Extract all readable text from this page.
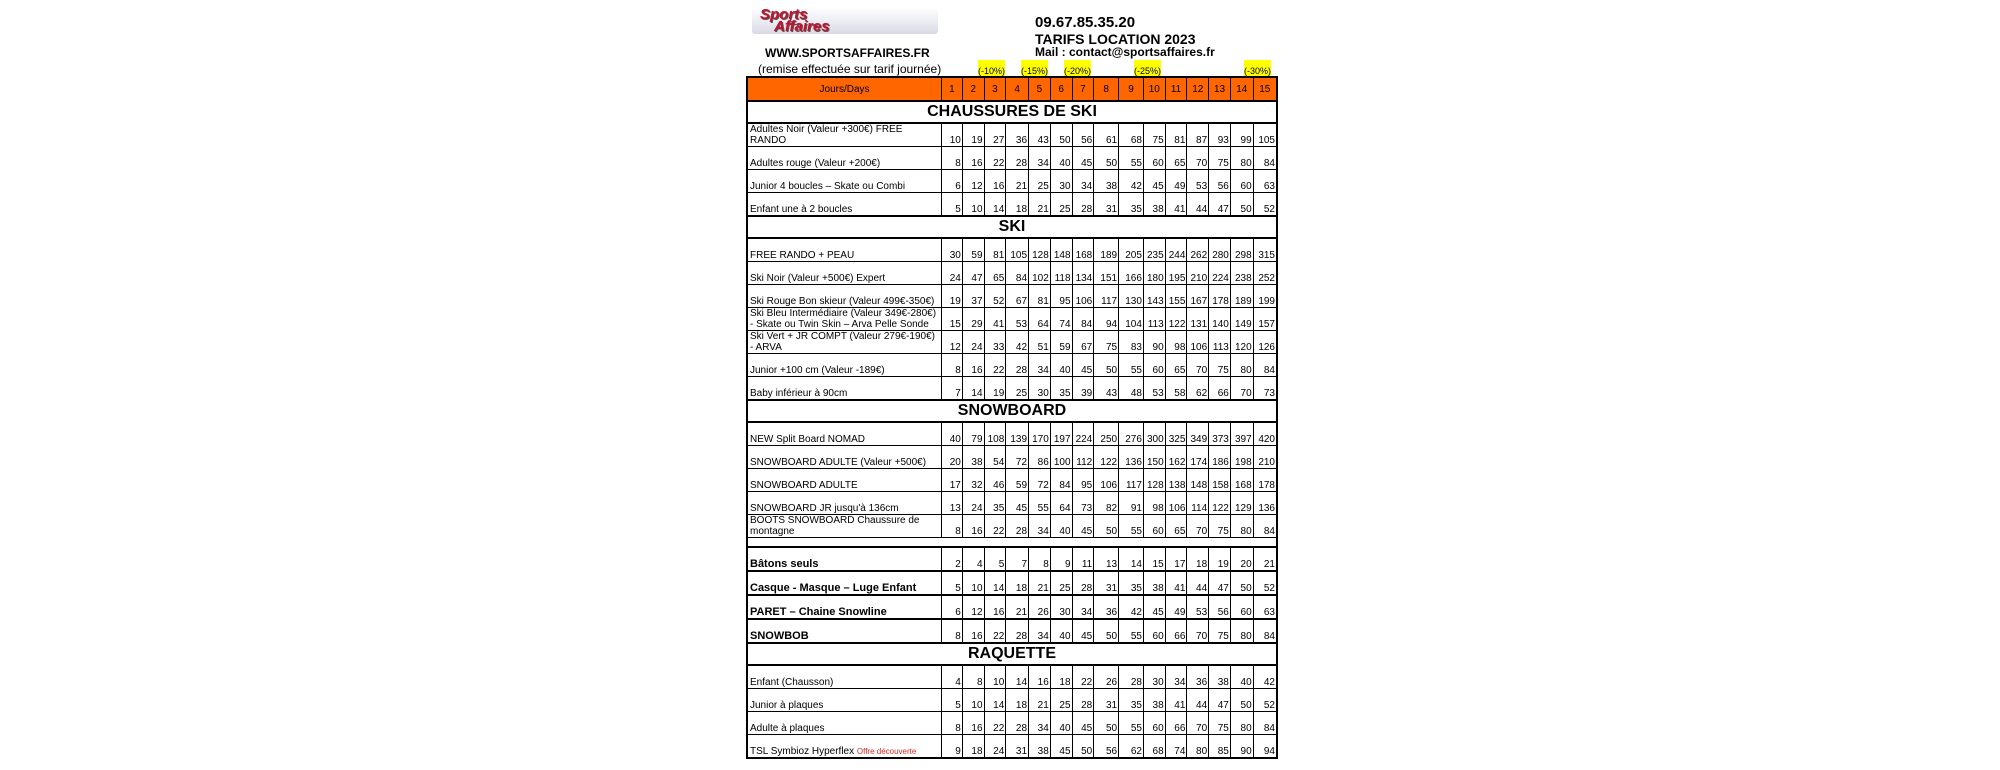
Sports
Affaires
WWW.SPORTSAFFAIRES.FR
(remise effectuée sur tarif journée)
09.67.85.35.20
TARIFS LOCATION 2023
Mail : contact@sportsaffaires.fr
(-10%) (-15%) (-20%)	(-25%)	(-30%)
Jours/Days	1	2	3	4	5	6	7	8	9	10	11	12	13	14	15
CHAUSSURES DE SKI															
Adultes Noir (Valeur +300€) FREE RANDO	10	19	27	36	43	50	56	61	68	75	81	87	93	99	105
Adultes rouge (Valeur +200€)	8	16	22	28	34	40	45	50	55	60	65	70	75	80	84
Junior 4 boucles – Skate ou Combi	6	12	16	21	25	30	34	38	42	45	49	53	56	60	63
Enfant une à 2 boucles	5	10	14	18	21	25	28	31	35	38	41	44	47	50	52
SKI															
FREE RANDO + PEAU	30	59	81	105	128	148	168	189	205	235	244	262	280	298	315
Ski Noir (Valeur +500€) Expert	24	47	65	84	102	118	134	151	166	180	195	210	224	238	252
Ski Rouge Bon skieur (Valeur 499€-350€)	19	37	52	67	81	95	106	117	130	143	155	167	178	189	199
Ski Bleu Intermédiaire (Valeur 349€-280€) - Skate ou Twin Skin – Arva Pelle Sonde	15	29	41	53	64	74	84	94	104	113	122	131	140	149	157
Ski Vert + JR COMPT (Valeur 279€-190€) - ARVA	12	24	33	42	51	59	67	75	83	90	98	106	113	120	126
Junior +100 cm (Valeur -189€)	8	16	22	28	34	40	45	50	55	60	65	70	75	80	84
Baby inférieur à 90cm	7	14	19	25	30	35	39	43	48	53	58	62	66	70	73
SNOWBOARD															
NEW Split Board NOMAD	40	79	108	139	170	197	224	250	276	300	325	349	373	397	420
SNOWBOARD ADULTE (Valeur +500€)	20	38	54	72	86	100	112	122	136	150	162	174	186	198	210
SNOWBOARD ADULTE	17	32	46	59	72	84	95	106	117	128	138	148	158	168	178
SNOWBOARD JR jusqu'à 136cm	13	24	35	45	55	64	73	82	91	98	106	114	122	129	136
BOOTS SNOWBOARD Chaussure de montagne	8	16	22	28	34	40	45	50	55	60	65	70	75	80	84

Bâtons seuls	2	4	5	7	8	9	11	13	14	15	17	18	19	20	21
Casque - Masque – Luge Enfant	5	10	14	18	21	25	28	31	35	38	41	44	47	50	52
PARET – Chaine Snowline	6	12	16	21	26	30	34	36	42	45	49	53	56	60	63
SNOWBOB	8	16	22	28	34	40	45	50	55	60	66	70	75	80	84
RAQUETTE															
Enfant (Chausson)	4	8	10	14	16	18	22	26	28	30	34	36	38	40	42
Junior à plaques	5	10	14	18	21	25	28	31	35	38	41	44	47	50	52
Adulte à plaques	8	16	22	28	34	40	45	50	55	60	66	70	75	80	84
TSL Symbioz Hyperflex Offre découverte	9	18	24	31	38	45	50	56	62	68	74	80	85	90	94
